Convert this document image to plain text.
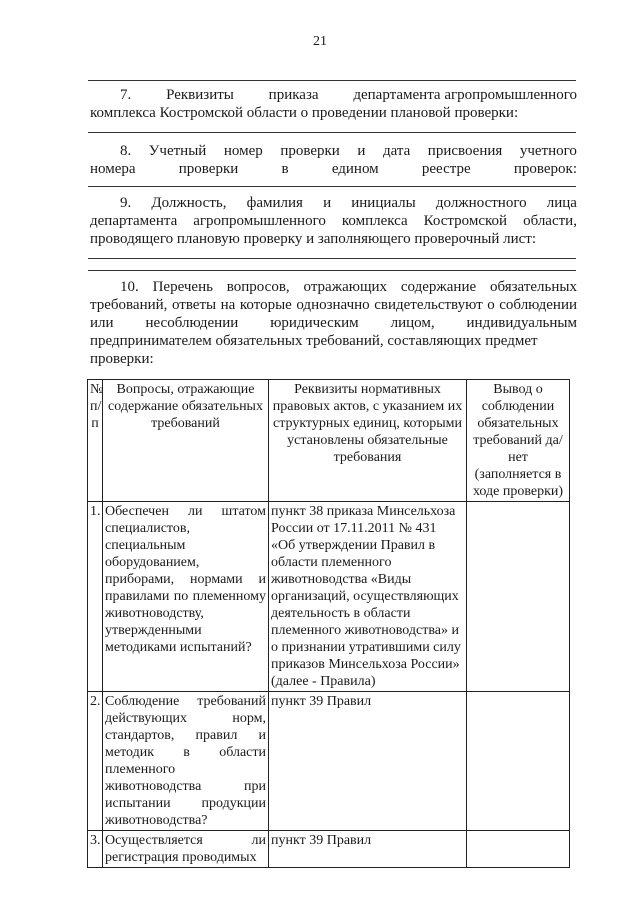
21
7. Реквизиты приказа департамента агропромышленного
комплекса Костромской области о проведении плановой проверки:
8. Учетный номер проверки и дата присвоения учетного
номера	проверки	в	едином	реестре	проверок:
9. Должность, фамилия и инициалы должностного лица
департамента агропромышленного комплекса Костромской области,
проводящего плановую проверку и заполняющего проверочный лист:
10. Перечень вопросов, отражающих содержание обязательных
требований, ответы на которые однозначно свидетельствуют о соблюдении или несоблюдении юридическим лицом, индивидуальным предпринимателем обязательных требований, составляющих предмет
проверки:
№ п/п	Вопросы, отражающие содержание обязательных требований	Реквизиты нормативных правовых актов, с указанием их структурных единиц, которыми установлены обязательные требования	Вывод о соблюдении обязательных требований да/нет (заполняется в ходе проверки)
1.	Обеспечен ли штатом специалистов, специальным оборудованием, приборами, нормами и правилами по племенному животноводству, утвержденными методиками испытаний?	пункт 38 приказа Минсельхоза России от 17.11.2011 № 431 «Об утверждении Правил в области племенного животноводства «Виды организаций, осуществляющих деятельность в области племенного животноводства» и о признании утратившими силу приказов Минсельхоза России» (далее - Правила)	
2.	Соблюдение требований действующих норм, стандартов, правил и методик в области племенного животноводства при испытании продукции животноводства?	пункт 39 Правил	
3.	Осуществляется ли регистрация проводимых	пункт 39 Правил	
